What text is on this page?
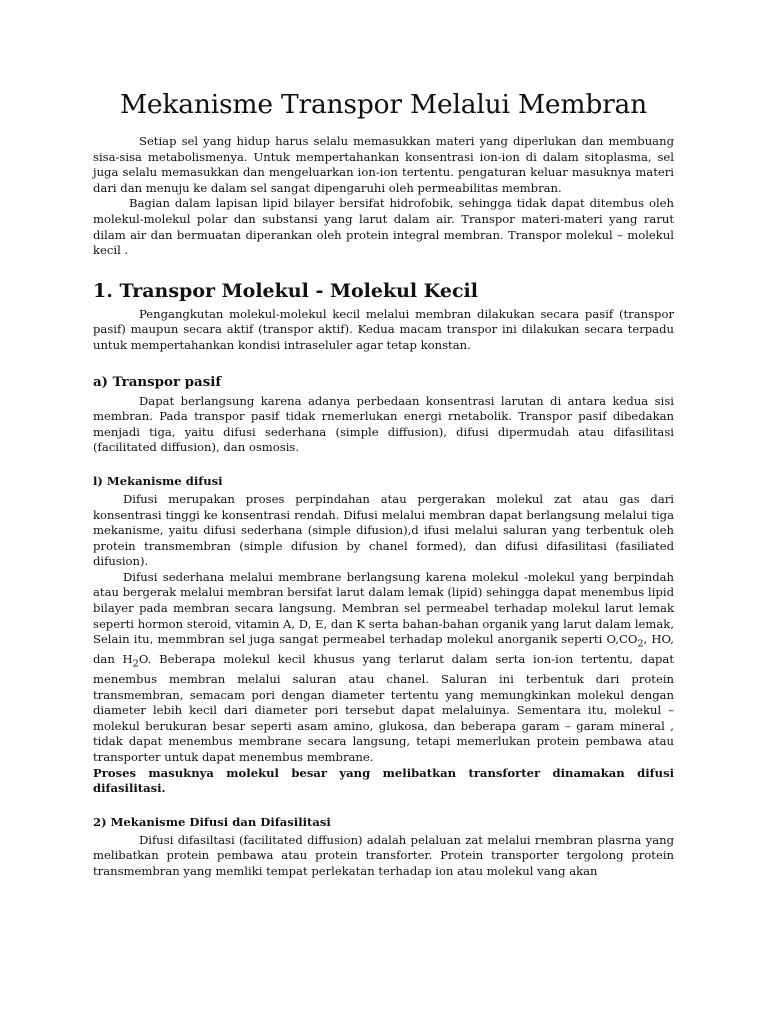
Mekanisme Transpor Melalui Membran

Setiap sel yang hidup harus selalu memasukkan materi yang diperlukan dan membuang sisa-sisa metabolismenya. Untuk mempertahankan konsentrasi ion-ion di dalam sitoplasma, sel juga selalu memasukkan dan mengeluarkan ion-ion tertentu. pengaturan keluar masuknya materi dari dan menuju ke dalam sel sangat dipengaruhi oleh permeabilitas membran.

Bagian dalam lapisan lipid bilayer bersifat hidrofobik, sehingga tidak dapat ditembus oleh molekul-molekul polar dan substansi yang larut dalam air. Transpor materi-materi yang rarut dilam air dan bermuatan diperankan oleh protein integral membran. Transpor molekul – molekul kecil .

1. Transpor Molekul - Molekul Kecil

Pengangkutan molekul-molekul kecil melalui membran dilakukan secara pasif (transpor pasif) maupun secara aktif (transpor aktif). Kedua macam transpor ini dilakukan secara terpadu untuk mempertahankan kondisi intraseluler agar tetap konstan.

a) Transpor pasif

Dapat berlangsung karena adanya perbedaan konsentrasi larutan di antara kedua sisi membran. Pada transpor pasif tidak rnemerlukan energi rnetabolik. Transpor pasif dibedakan menjadi tiga, yaitu difusi sederhana (simple diffusion), difusi dipermudah atau difasilitasi (facilitated diffusion), dan osmosis.

l) Mekanisme difusi

Difusi merupakan proses perpindahan atau pergerakan molekul zat atau gas dari konsentrasi tinggi ke konsentrasi rendah. Difusi melalui membran dapat berlangsung melalui tiga mekanisme, yaitu difusi sederhana (simple difusion),d ifusi melalui saluran yang terbentuk oleh protein transmembran (simple difusion by chanel formed), dan difusi difasilitasi (fasiliated difusion).

Difusi sederhana melalui membrane berlangsung karena molekul -molekul yang berpindah atau bergerak melalui membran bersifat larut dalam lemak (lipid) sehingga dapat menembus lipid bilayer pada membran secara langsung. Membran sel permeabel terhadap molekul larut lemak seperti hormon steroid, vitamin A, D, E, dan K serta bahan-bahan organik yang larut dalam lemak, Selain itu, memmbran sel juga sangat permeabel terhadap molekul anorganik seperti $O,CO_2$, HO, dan $H_2O$. Beberapa molekul kecil khusus yang terlarut dalam serta ion-ion tertentu, dapat menembus membran melalui saluran atau chanel. Saluran ini terbentuk dari protein transmembran, semacam pori dengan diameter tertentu yang memungkinkan molekul dengan diameter lebih kecil dari diameter pori tersebut dapat melaluinya. Sementara itu, molekul – molekul berukuran besar seperti asam amino, glukosa, dan beberapa garam – garam mineral , tidak dapat menembus membrane secara langsung, tetapi memerlukan protein pembawa atau transporter untuk dapat menembus membrane.

Proses masuknya molekul besar yang melibatkan transforter dinamakan difusi difasilitasi.

2) Mekanisme Difusi dan Difasilitasi

Difusi difasiltasi (facilitated diffusion) adalah pelaluan zat melalui rnembran plasrna yang melibatkan protein pembawa atau protein transforter. Protein transporter tergolong protein transmembran yang memliki tempat perlekatan terhadap ion atau molekul vang akan
